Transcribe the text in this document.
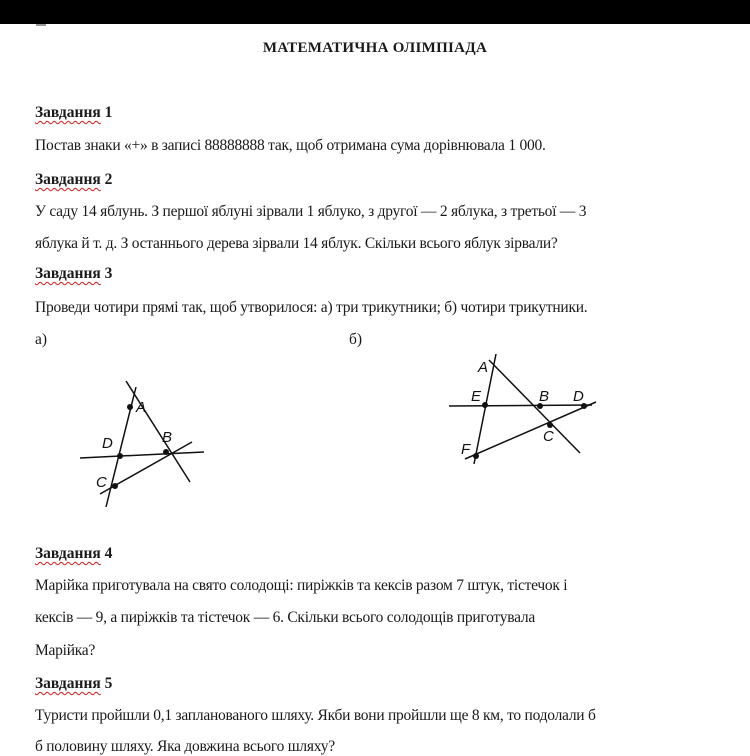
МАТЕМАТИЧНА ОЛІМПІАДА
Завдання 1
Постав знаки «+» в записі 88888888 так, щоб отримана сума дорівнювала 1 000.
Завдання 2
У саду 14 яблунь. З першої яблуні зірвали 1 яблуко, з другої — 2 яблука, з третьої — 3
яблука й т. д. З останнього дерева зірвали 14 яблук. Скільки всього яблук зірвали?
Завдання 3
Проведи чотири прямі так, щоб утворилося: а) три трикутники; б) чотири трикутники.
а)	б)
A
B
C
D
A
B
C
D
E
F
Завдання 4
Марійка приготувала на свято солодощі: пиріжків та кексів разом 7 штук, тістечок і
кексів — 9, а пиріжків та тістечок — 6. Скільки всього солодощів приготувала
Марійка?
Завдання 5
Туристи пройшли 0,1 запланованого шляху. Якби вони пройшли ще 8 км, то подолали б
б половину шляху. Яка довжина всього шляху?
